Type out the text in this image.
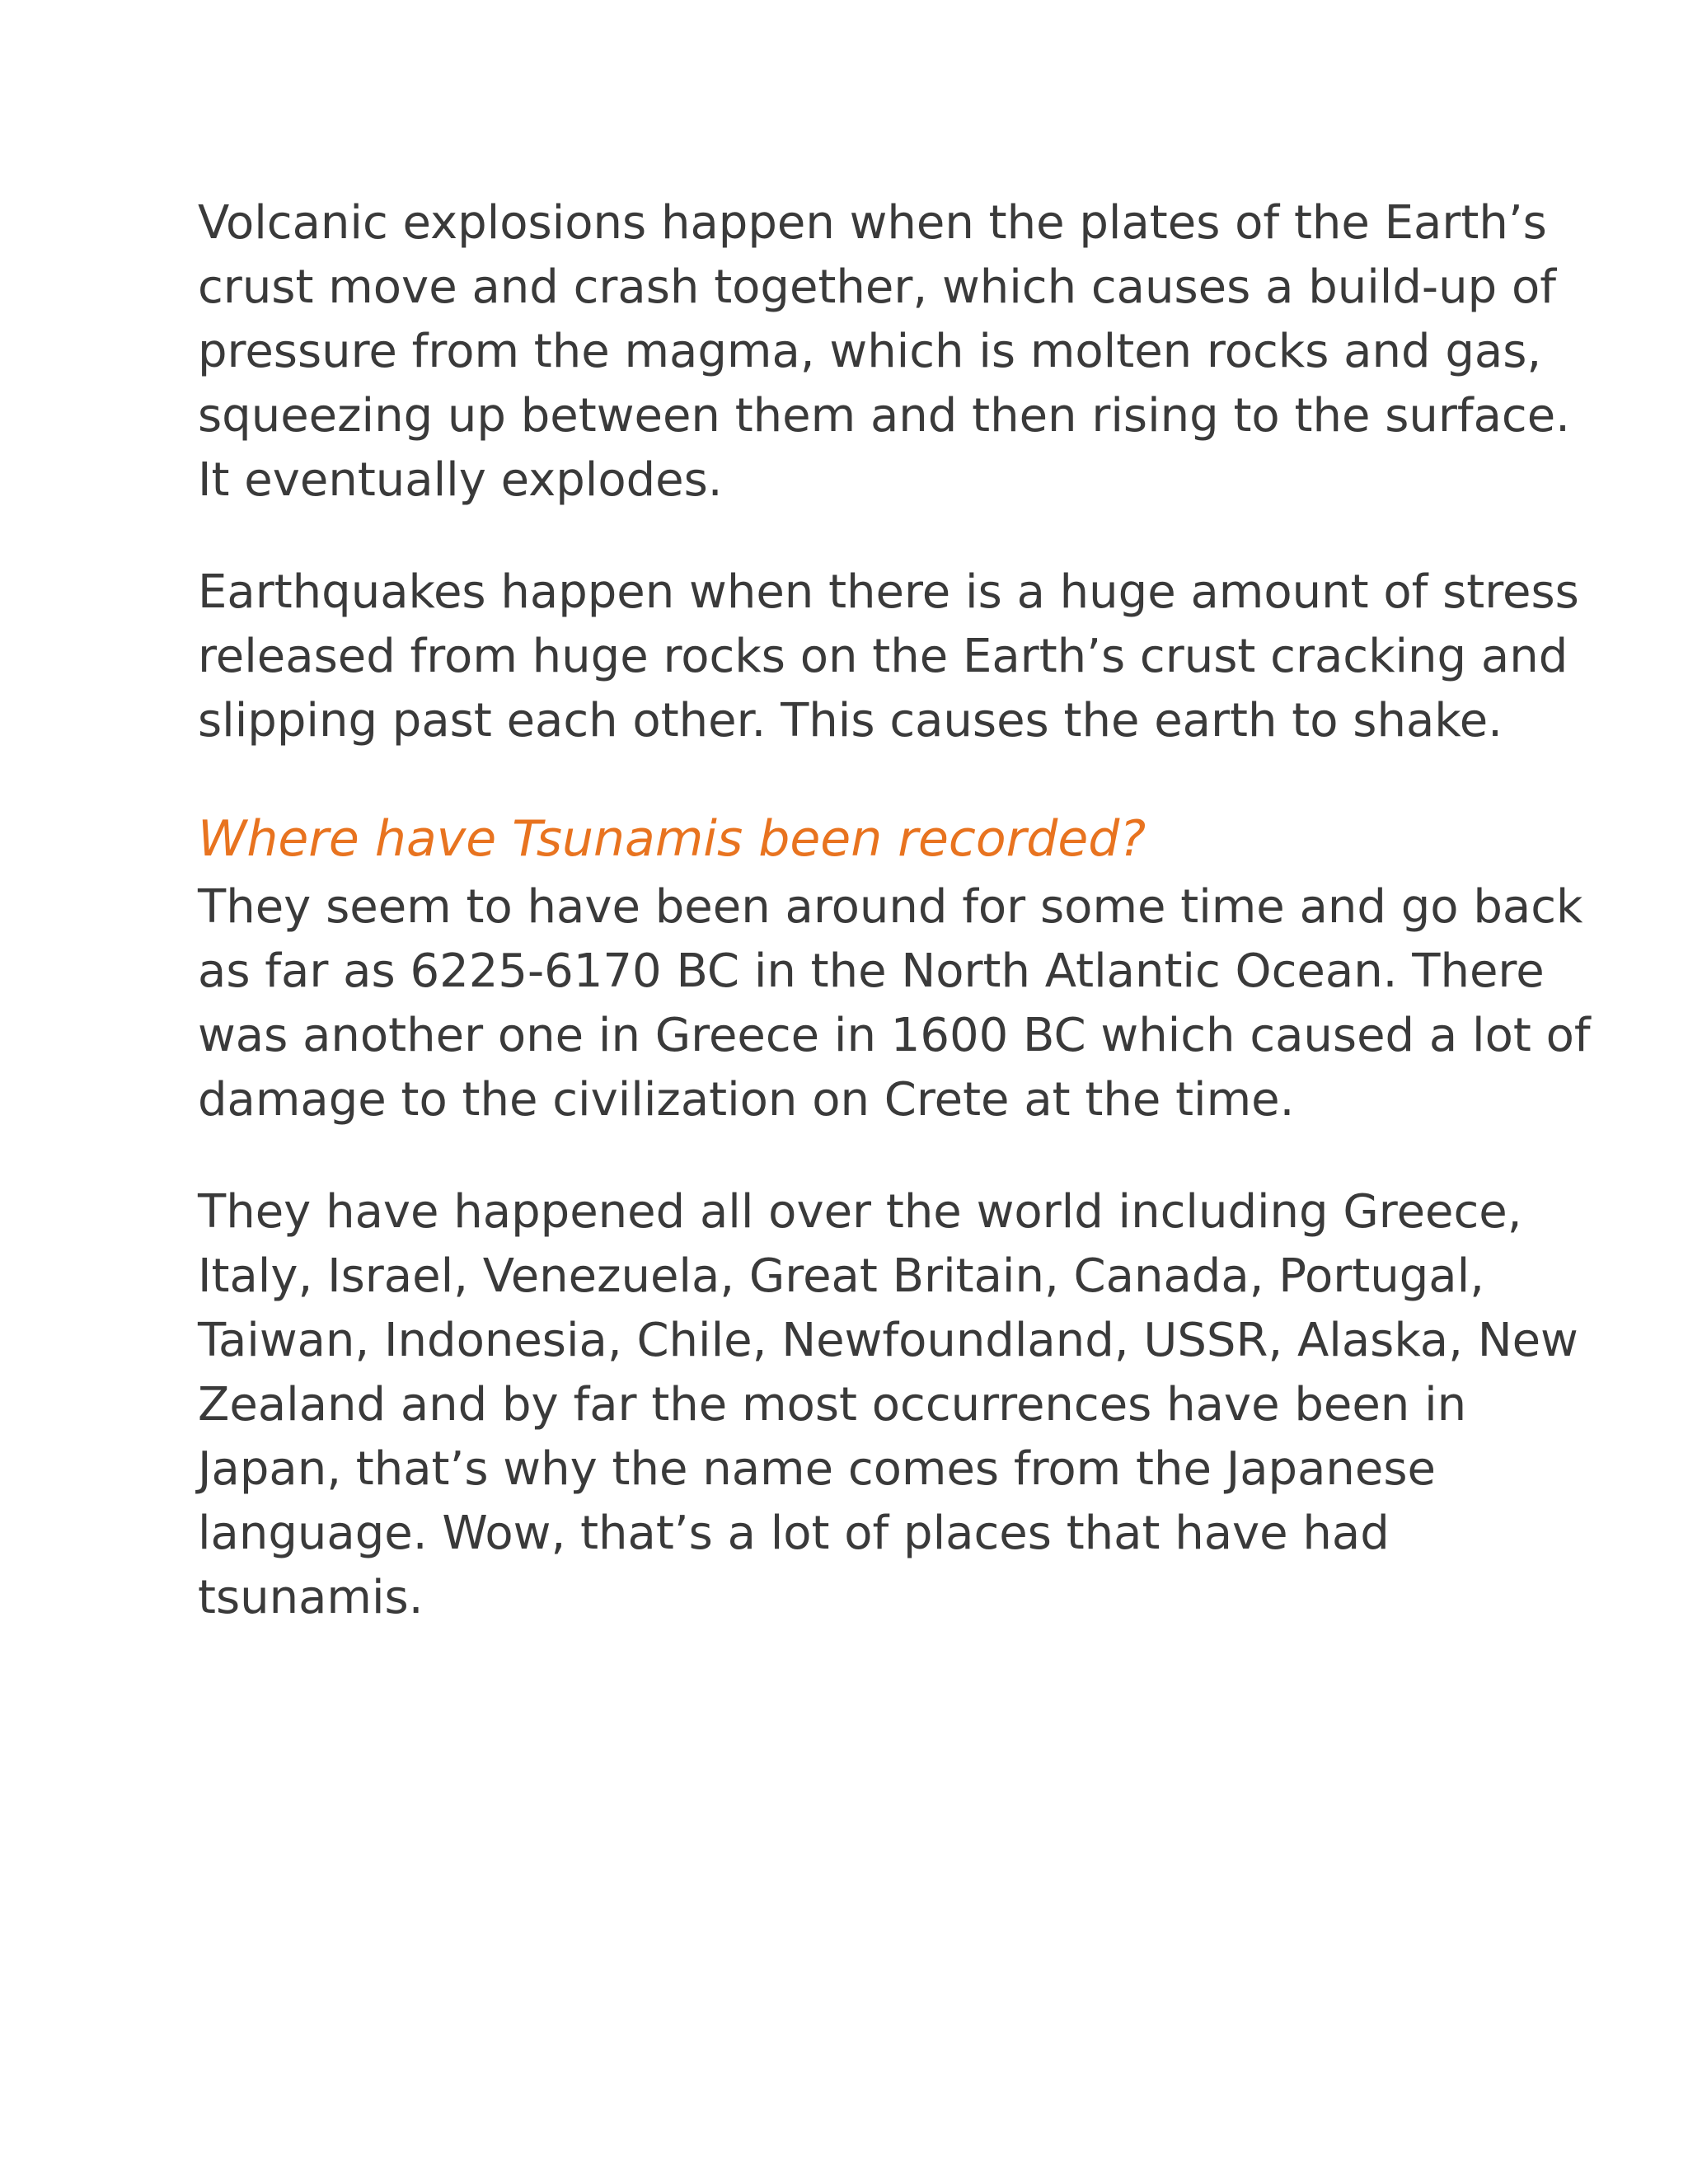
Volcanic explosions happen when the plates of the Earth’s
crust move and crash together, which causes a build-up of
pressure from the magma, which is molten rocks and gas,
squeezing up between them and then rising to the surface.
It eventually explodes.

Earthquakes happen when there is a huge amount of stress
released from huge rocks on the Earth’s crust cracking and
slipping past each other. This causes the earth to shake.

Where have Tsunamis been recorded?

They seem to have been around for some time and go back
as far as 6225-6170 BC in the North Atlantic Ocean. There
was another one in Greece in 1600 BC which caused a lot of
damage to the civilization on Crete at the time.

They have happened all over the world including Greece,
Italy, Israel, Venezuela, Great Britain, Canada, Portugal,
Taiwan, Indonesia, Chile, Newfoundland, USSR, Alaska, New
Zealand and by far the most occurrences have been in
Japan, that’s why the name comes from the Japanese
language. Wow, that’s a lot of places that have had
tsunamis.
